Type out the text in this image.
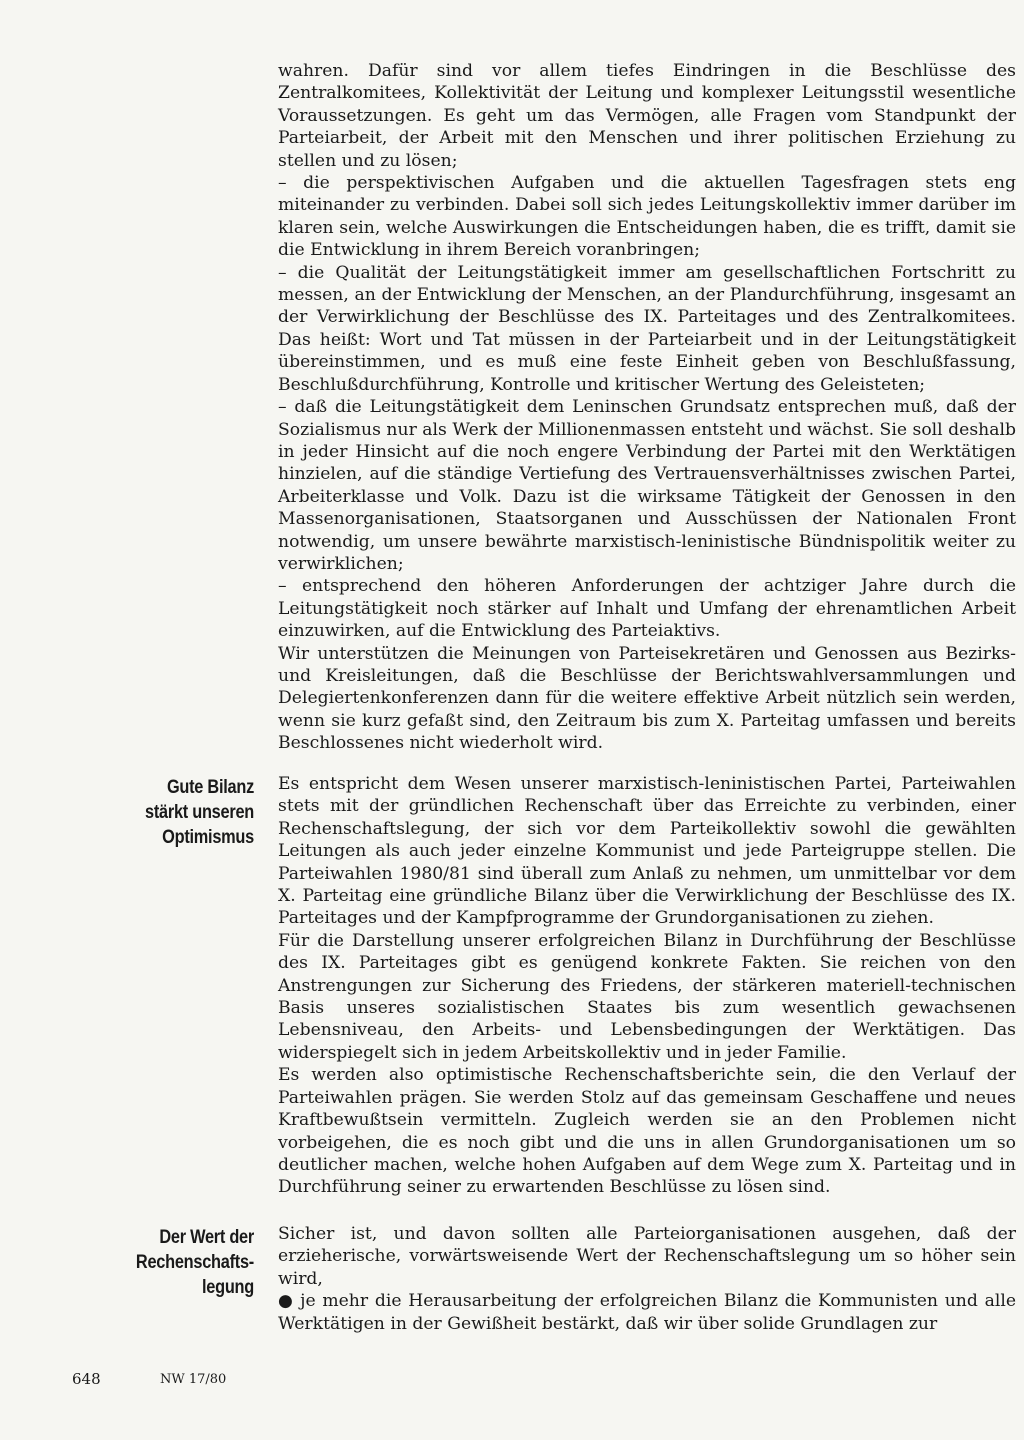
wahren. Dafür sind vor allem tiefes Eindringen in die Beschlüsse des Zentralkomitees, Kollektivität der Leitung und komplexer Leitungsstil wesentliche Voraussetzungen. Es geht um das Vermögen, alle Fragen vom Standpunkt der Parteiarbeit, der Arbeit mit den Menschen und ihrer politischen Erziehung zu stellen und zu lösen;

– die perspektivischen Aufgaben und die aktuellen Tagesfragen stets eng miteinander zu verbinden. Dabei soll sich jedes Leitungskollektiv immer darüber im klaren sein, welche Auswirkungen die Entscheidungen haben, die es trifft, damit sie die Entwicklung in ihrem Bereich voranbringen;

– die Qualität der Leitungstätigkeit immer am gesellschaftlichen Fortschritt zu messen, an der Entwicklung der Menschen, an der Plandurchführung, insgesamt an der Verwirklichung der Beschlüsse des IX. Parteitages und des Zentralkomitees. Das heißt: Wort und Tat müssen in der Parteiarbeit und in der Leitungstätigkeit übereinstimmen, und es muß eine feste Einheit geben von Beschlußfassung, Beschlußdurchführung, Kontrolle und kritischer Wertung des Geleisteten;

– daß die Leitungstätigkeit dem Leninschen Grundsatz entsprechen muß, daß der Sozialismus nur als Werk der Millionenmassen entsteht und wächst. Sie soll deshalb in jeder Hinsicht auf die noch engere Verbindung der Partei mit den Werktätigen hinzielen, auf die ständige Vertiefung des Vertrauensverhältnisses zwischen Partei, Arbeiterklasse und Volk. Dazu ist die wirksame Tätigkeit der Genossen in den Massenorganisationen, Staatsorganen und Ausschüssen der Nationalen Front notwendig, um unsere bewährte marxistisch-leninistische Bündnispolitik weiter zu verwirklichen;

– entsprechend den höheren Anforderungen der achtziger Jahre durch die Leitungstätigkeit noch stärker auf Inhalt und Umfang der ehrenamtlichen Arbeit einzuwirken, auf die Entwicklung des Parteiaktivs.

Wir unterstützen die Meinungen von Parteisekretären und Genossen aus Bezirks- und Kreisleitungen, daß die Beschlüsse der Berichtswahlversammlungen und Delegiertenkonferenzen dann für die weitere effektive Arbeit nützlich sein werden, wenn sie kurz gefaßt sind, den Zeitraum bis zum X. Parteitag umfassen und bereits Beschlossenes nicht wiederholt wird.

Gute Bilanz
stärkt unseren
Optimismus

Es entspricht dem Wesen unserer marxistisch-leninistischen Partei, Parteiwahlen stets mit der gründlichen Rechenschaft über das Erreichte zu verbinden, einer Rechenschaftslegung, der sich vor dem Parteikollektiv sowohl die gewählten Leitungen als auch jeder einzelne Kommunist und jede Parteigruppe stellen. Die Parteiwahlen 1980/81 sind überall zum Anlaß zu nehmen, um unmittelbar vor dem X. Parteitag eine gründliche Bilanz über die Verwirklichung der Beschlüsse des IX. Parteitages und der Kampfprogramme der Grundorganisationen zu ziehen.

Für die Darstellung unserer erfolgreichen Bilanz in Durchführung der Beschlüsse des IX. Parteitages gibt es genügend konkrete Fakten. Sie reichen von den Anstrengungen zur Sicherung des Friedens, der stärkeren materiell-technischen Basis unseres sozialistischen Staates bis zum wesentlich gewachsenen Lebensniveau, den Arbeits- und Lebensbedingungen der Werktätigen. Das widerspiegelt sich in jedem Arbeitskollektiv und in jeder Familie.

Es werden also optimistische Rechenschaftsberichte sein, die den Verlauf der Parteiwahlen prägen. Sie werden Stolz auf das gemeinsam Geschaffene und neues Kraftbewußtsein vermitteln. Zugleich werden sie an den Problemen nicht vorbeigehen, die es noch gibt und die uns in allen Grundorganisationen um so deutlicher machen, welche hohen Aufgaben auf dem Wege zum X. Parteitag und in Durchführung seiner zu erwartenden Beschlüsse zu lösen sind.

Der Wert der
Rechenschafts-
legung

Sicher ist, und davon sollten alle Parteiorganisationen ausgehen, daß der erzieherische, vorwärtsweisende Wert der Rechenschaftslegung um so höher sein wird,

● je mehr die Herausarbeitung der erfolgreichen Bilanz die Kommunisten und alle Werktätigen in der Gewißheit bestärkt, daß wir über solide Grundlagen zur

648	NW 17/80
